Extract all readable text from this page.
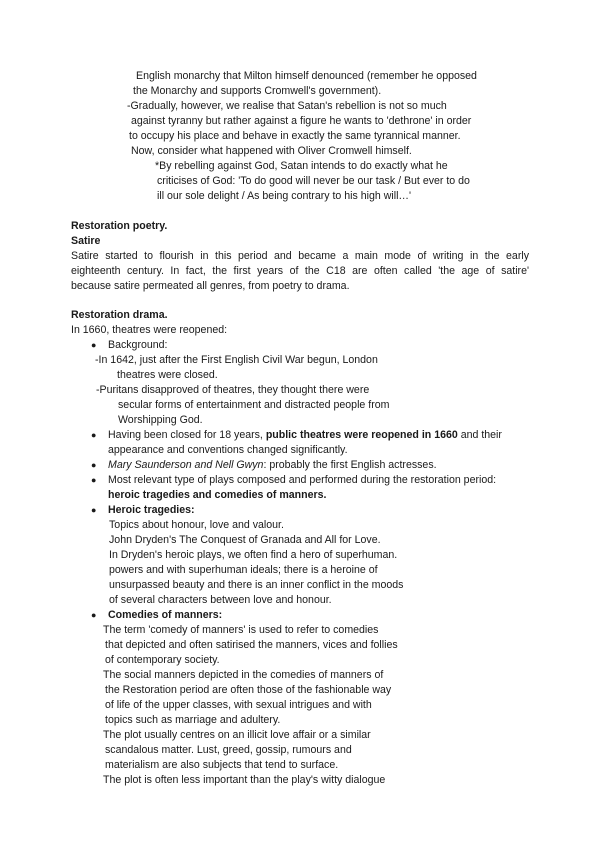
English monarchy that Milton himself denounced (remember he opposed
the Monarchy and supports Cromwell's government).
-Gradually, however, we realise that Satan's rebellion is not so much
against tyranny but rather against a figure he wants to 'dethrone' in order
to occupy his place and behave in exactly the same tyrannical manner.
Now, consider what happened with Oliver Cromwell himself.
*By rebelling against God, Satan intends to do exactly what he
criticises of God: 'To do good will never be our task / But ever to do
ill our sole delight / As being contrary to his high will…'
Restoration poetry.
Satire
Satire started to flourish in this period and became a main mode of writing in the early
eighteenth century. In fact, the first years of the C18 are often called 'the age of satire'
because satire permeated all genres, from poetry to drama.
Restoration drama.
In 1660, theatres were reopened:
● Background:
-In 1642, just after the First English Civil War begun, London
theatres were closed.
-Puritans disapproved of theatres, they thought there were
secular forms of entertainment and distracted people from
Worshipping God.
● Having been closed for 18 years, public theatres were reopened in 1660 and their
appearance and conventions changed significantly.
● Mary Saunderson and Nell Gwyn: probably the first English actresses.
● Most relevant type of plays composed and performed during the restoration period:
heroic tragedies and comedies of manners.
● Heroic tragedies:
Topics about honour, love and valour.
John Dryden's The Conquest of Granada and All for Love.
In Dryden's heroic plays, we often find a hero of superhuman.
powers and with superhuman ideals; there is a heroine of
unsurpassed beauty and there is an inner conflict in the moods
of several characters between love and honour.
● Comedies of manners:
The term 'comedy of manners' is used to refer to comedies
that depicted and often satirised the manners, vices and follies
of contemporary society.
The social manners depicted in the comedies of manners of
the Restoration period are often those of the fashionable way
of life of the upper classes, with sexual intrigues and with
topics such as marriage and adultery.
The plot usually centres on an illicit love affair or a similar
scandalous matter. Lust, greed, gossip, rumours and
materialism are also subjects that tend to surface.
The plot is often less important than the play's witty dialogue
